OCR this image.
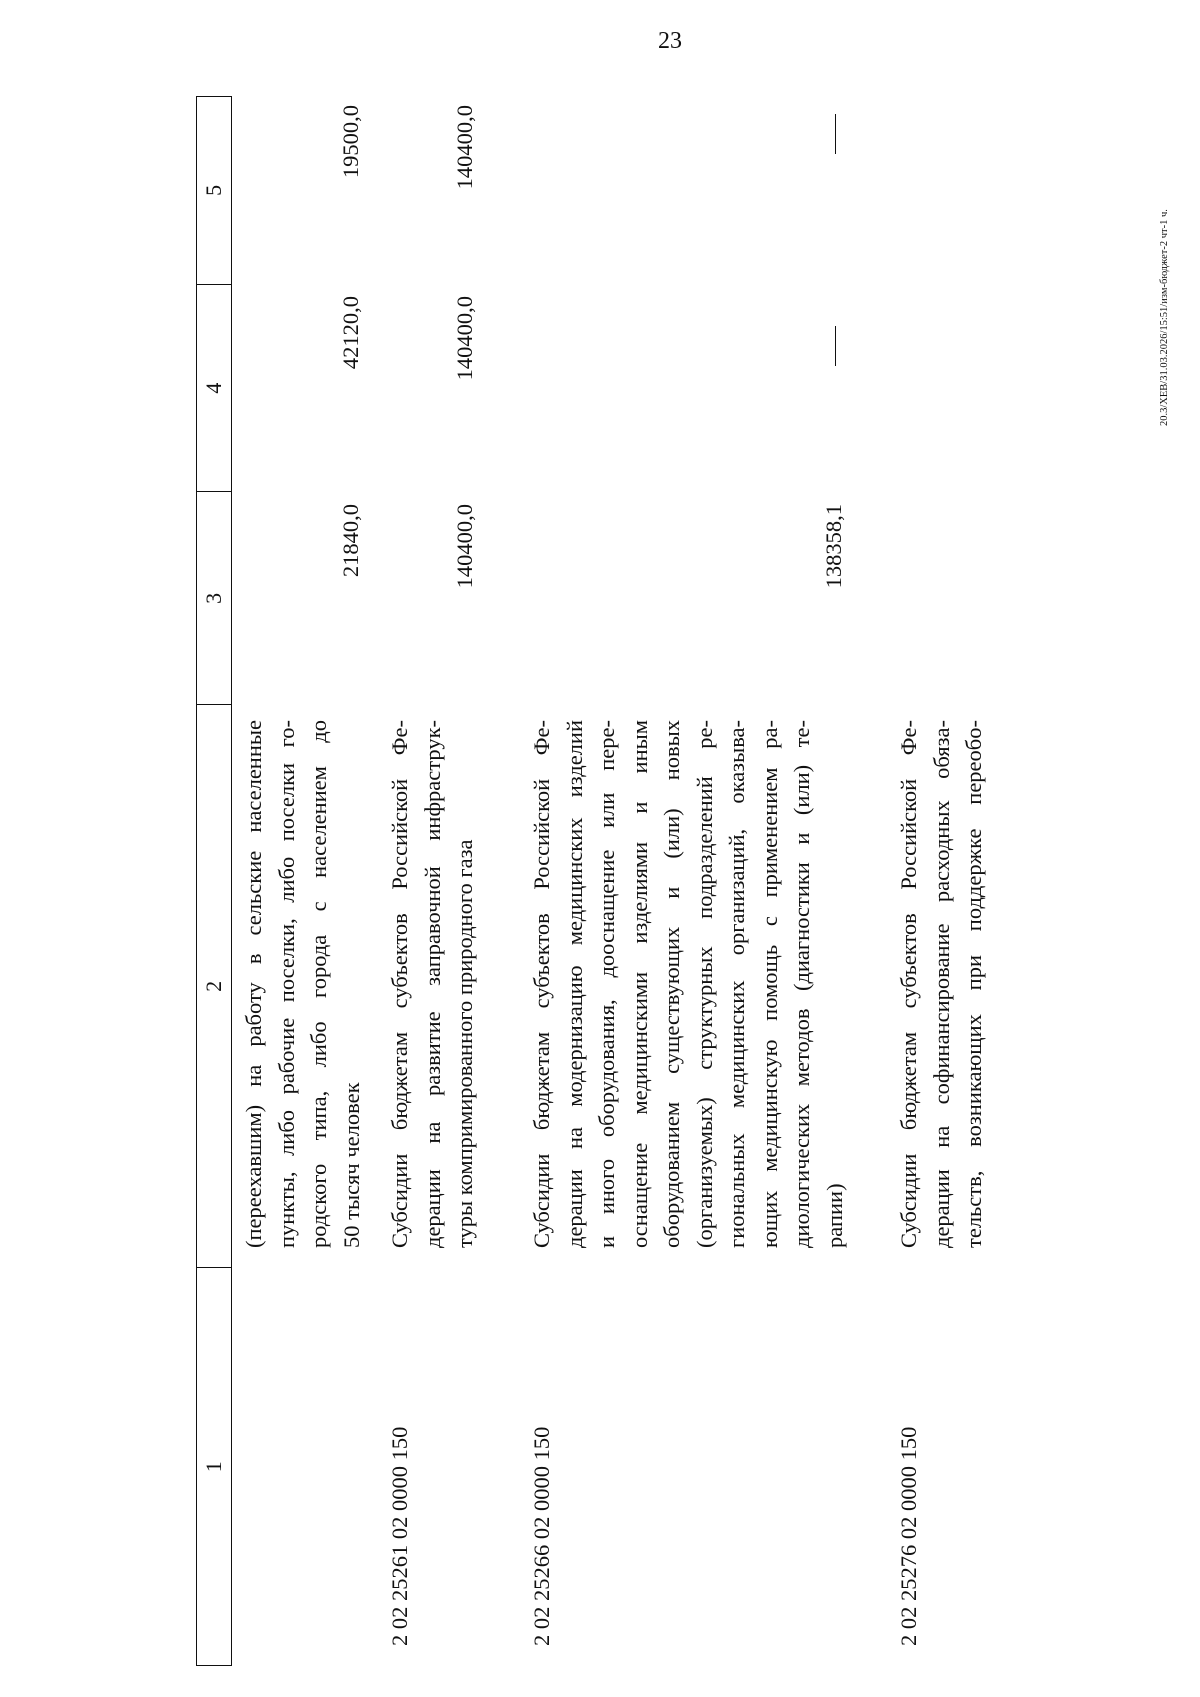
23
20.3/XEB/31.03.2026/15:51/изм-бюджет-2 чт-1 ч.
1
2
3
4
5
(переехавшим) на работу в сельские населенные пункты, либо рабочие поселки, либо поселки го- родского типа, либо города с населением до 50 тысяч человек
21840,0
42120,0
19500,0
2 02 25261 02 0000 150
Субсидии бюджетам субъектов Российской Фе- дерации на развитие заправочной инфраструк- туры компримированного природного газа
140400,0
140400,0
140400,0
2 02 25266 02 0000 150
Субсидии бюджетам субъектов Российской Фе- дерации на модернизацию медицинских изделий и иного оборудования, дооснащение или пере- оснащение медицинскими изделиями и иным оборудованием существующих и (или) новых (организуемых) структурных подразделений ре- гиональных медицинских организаций, оказыва- ющих медицинскую помощь с применением ра- диологических методов (диагностики и (или) те- рапии)
138358,1
2 02 25276 02 0000 150
Субсидии бюджетам субъектов Российской Фе- дерации на софинансирование расходных обяза- тельств, возникающих при поддержке переобо-
